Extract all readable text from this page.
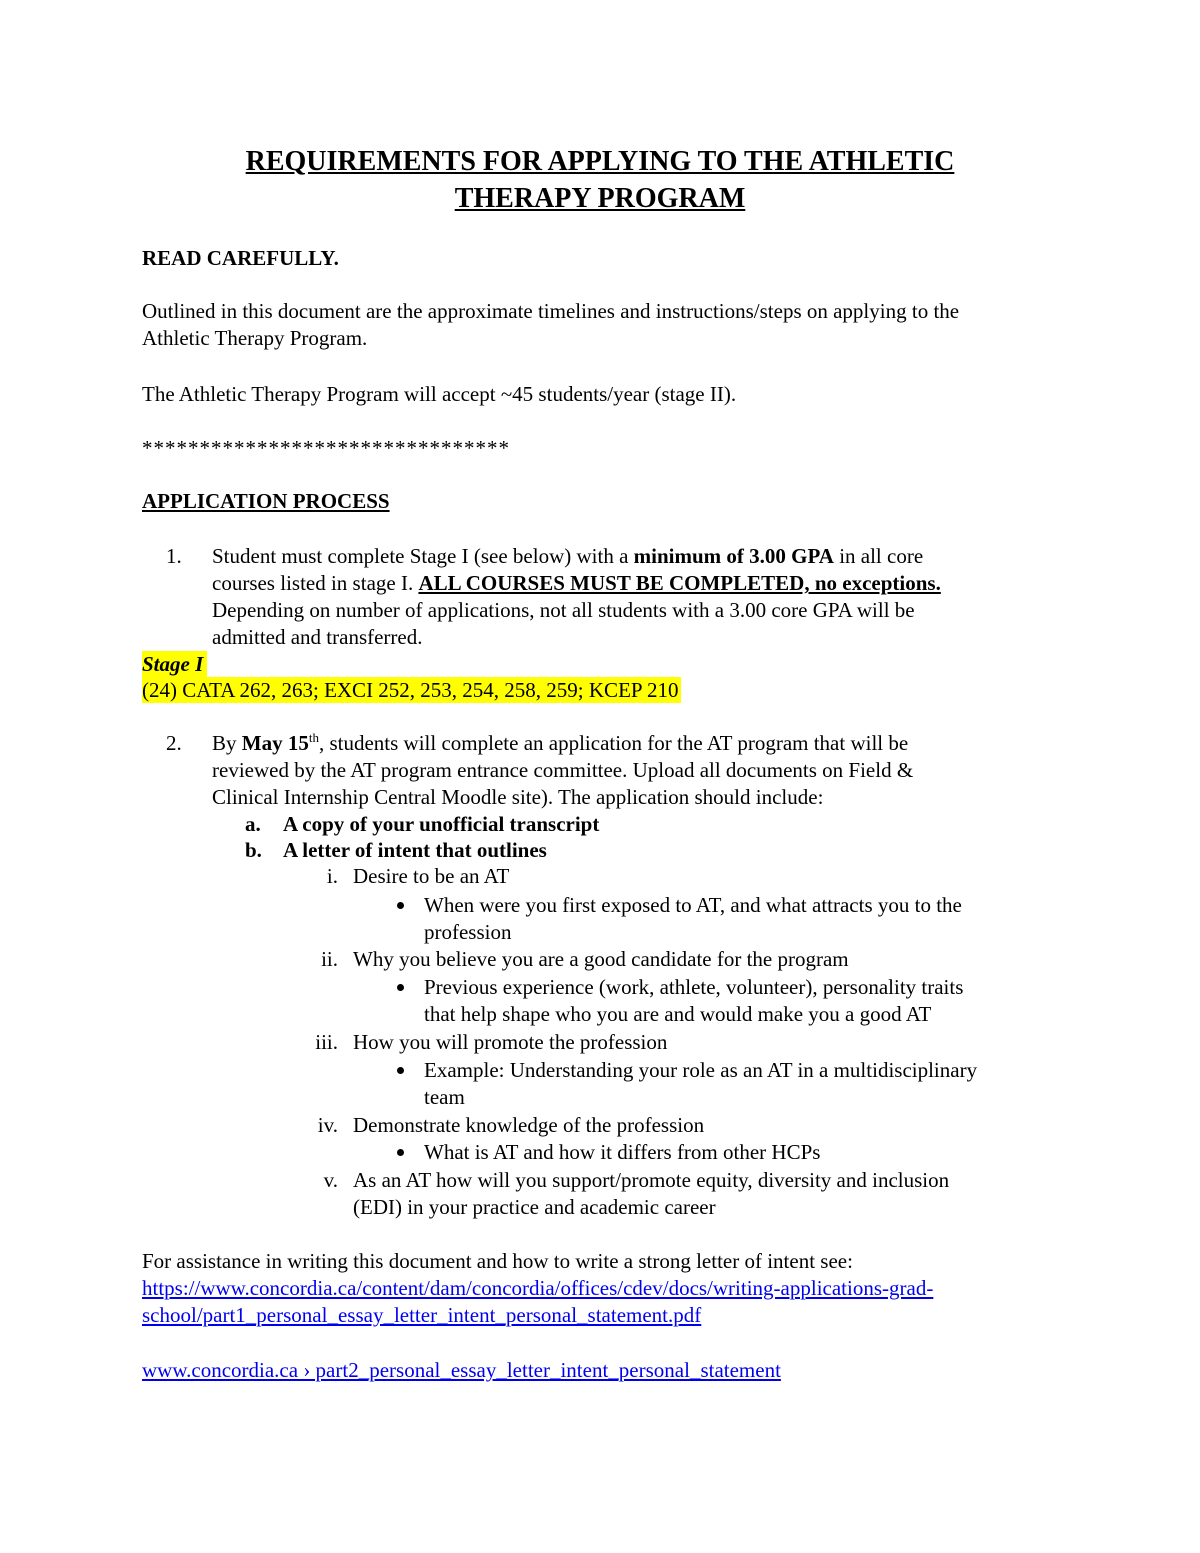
REQUIREMENTS FOR APPLYING TO THE ATHLETIC
THERAPY PROGRAM
READ CAREFULLY.
Outlined in this document are the approximate timelines and instructions/steps on applying to the
Athletic Therapy Program.
The Athletic Therapy Program will accept ~45 students/year (stage II).
********************************
APPLICATION PROCESS
1. Student must complete Stage I (see below) with a minimum of 3.00 GPA in all core
courses listed in stage I. ALL COURSES MUST BE COMPLETED, no exceptions.
Depending on number of applications, not all students with a 3.00 core GPA will be
admitted and transferred.
Stage I
(24) CATA 262, 263; EXCI 252, 253, 254, 258, 259; KCEP 210
2. By May 15th, students will complete an application for the AT program that will be
reviewed by the AT program entrance committee. Upload all documents on Field &
Clinical Internship Central Moodle site). The application should include:
a. A copy of your unofficial transcript
b. A letter of intent that outlines
i. Desire to be an AT
When were you first exposed to AT, and what attracts you to the
profession
ii. Why you believe you are a good candidate for the program
Previous experience (work, athlete, volunteer), personality traits
that help shape who you are and would make you a good AT
iii. How you will promote the profession
Example: Understanding your role as an AT in a multidisciplinary
team
iv. Demonstrate knowledge of the profession
What is AT and how it differs from other HCPs
v. As an AT how will you support/promote equity, diversity and inclusion
(EDI) in your practice and academic career
For assistance in writing this document and how to write a strong letter of intent see:
https://www.concordia.ca/content/dam/concordia/offices/cdev/docs/writing-applications-grad-
school/part1_personal_essay_letter_intent_personal_statement.pdf
www.concordia.ca › part2_personal_essay_letter_intent_personal_statement
